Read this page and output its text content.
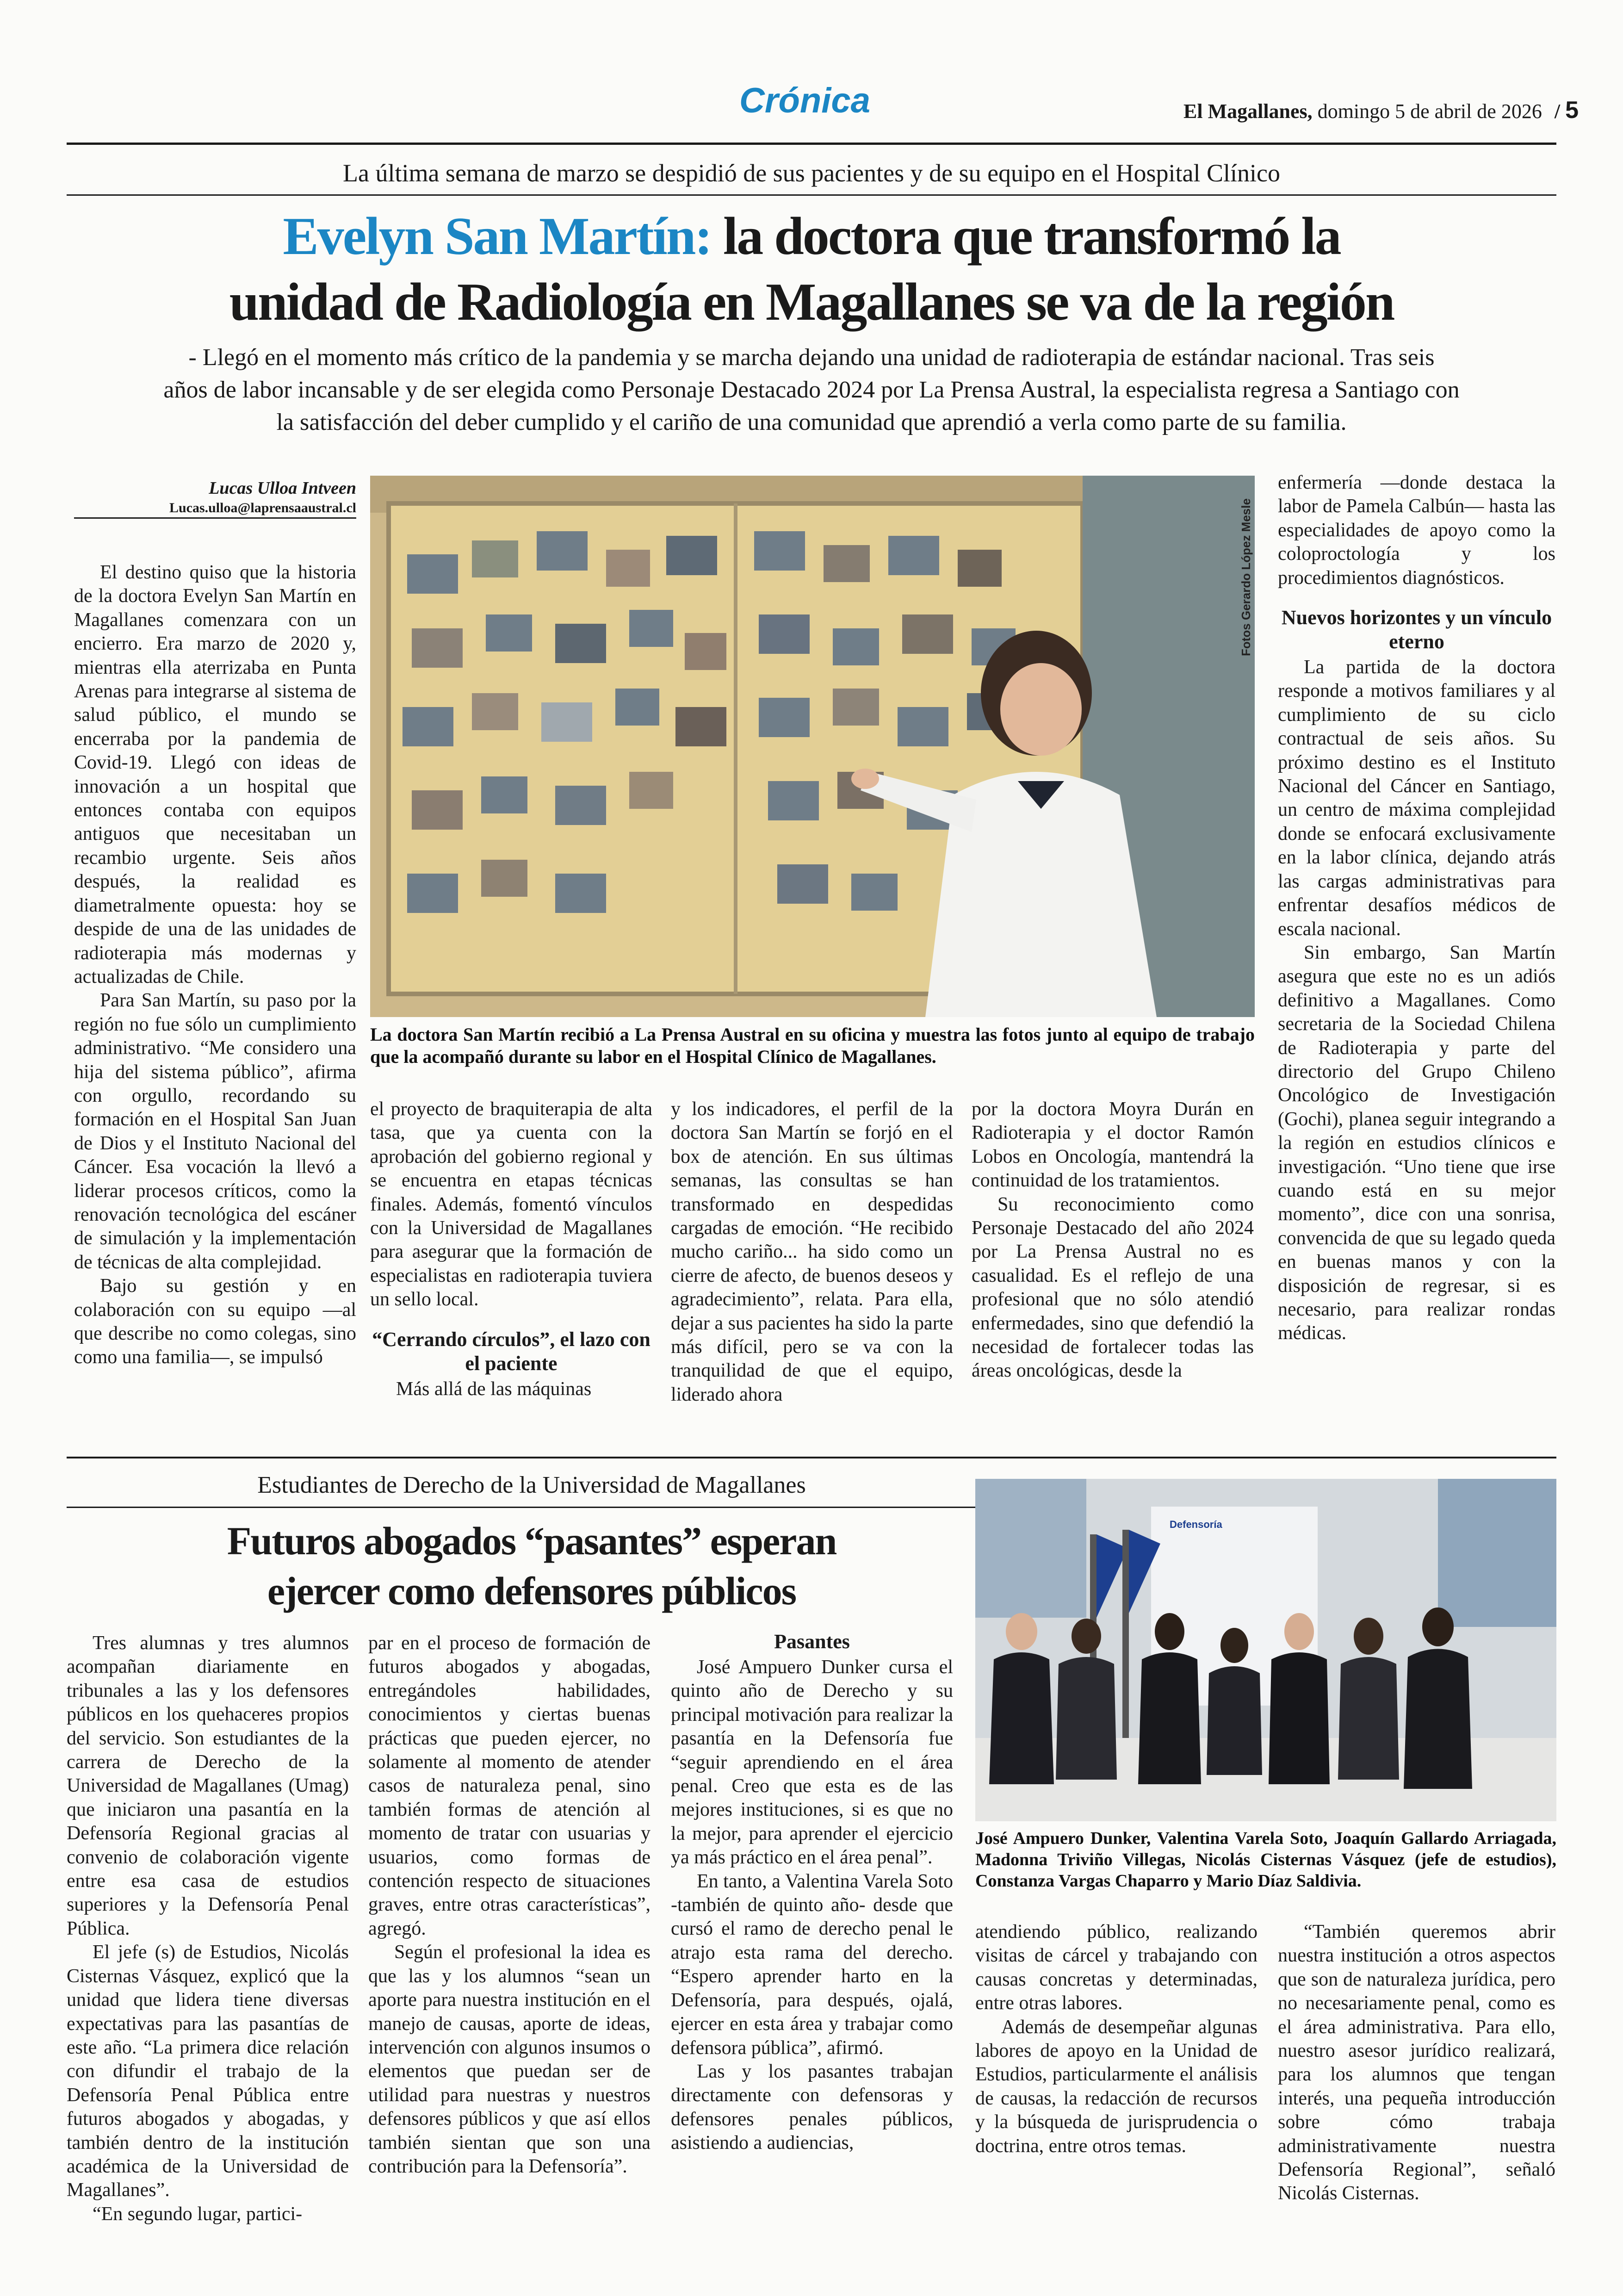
Crónica	El Magallanes, domingo 5 de abril de 2026 / 5
La última semana de marzo se despidió de sus pacientes y de su equipo en el Hospital Clínico
Evelyn San Martín: la doctora que transformó la
unidad de Radiología en Magallanes se va de la región
- Llegó en el momento más crítico de la pandemia y se marcha dejando una unidad de radioterapia de estándar nacional. Tras seis
años de labor incansable y de ser elegida como Personaje Destacado 2024 por La Prensa Austral, la especialista regresa a Santiago con
la satisfacción del deber cumplido y el cariño de una comunidad que aprendió a verla como parte de su familia.
Lucas Ulloa Intveen
Lucas.ulloa@laprensaaustral.cl	Fotos Gerardo López Mesle
La doctora San Martín recibió a La Prensa Austral en su oficina y muestra las fotos junto al equipo de trabajo que la acompañó durante su labor en el Hospital Clínico de Magallanes.

El destino quiso que la historia de la doctora Evelyn San Martín en Magallanes comenzara con un encierro. Era marzo de 2020 y, mientras ella aterrizaba en Punta Arenas para integrarse al sistema de salud público, el mundo se encerraba por la pandemia de Covid-19. Llegó con ideas de innovación a un hospital que entonces contaba con equipos antiguos que necesitaban un recambio urgente. Seis años después, la realidad es diametralmente opuesta: hoy se despide de una de las unidades de radioterapia más modernas y actualizadas de Chile.

Para San Martín, su paso por la región no fue sólo un cumplimiento administrativo. “Me considero una hija del sistema público”, afirma con orgullo, recordando su formación en el Hospital San Juan de Dios y el Instituto Nacional del Cáncer. Esa vocación la llevó a liderar procesos críticos, como la renovación tecnológica del escáner de simulación y la implementación de técnicas de alta complejidad.

Bajo su gestión y en colaboración con su equipo —al que describe no como colegas, sino como una familia—, se impulsó

el proyecto de braquiterapia de alta tasa, que ya cuenta con la aprobación del gobierno regional y se encuentra en etapas técnicas finales. Además, fomentó vínculos con la Universidad de Magallanes para asegurar que la formación de especialistas en radioterapia tuviera un sello local.

“Cerrando círculos”, el lazo con el paciente

Más allá de las máquinas

y los indicadores, el perfil de la doctora San Martín se forjó en el box de atención. En sus últimas semanas, las consultas se han transformado en despedidas cargadas de emoción. “He recibido mucho cariño... ha sido como un cierre de afecto, de buenos deseos y agradecimiento”, relata. Para ella, dejar a sus pacientes ha sido la parte más difícil, pero se va con la tranquilidad de que el equipo, liderado ahora

por la doctora Moyra Durán en Radioterapia y el doctor Ramón Lobos en Oncología, mantendrá la continuidad de los tratamientos.

Su reconocimiento como Personaje Destacado del año 2024 por La Prensa Austral no es casualidad. Es el reflejo de una profesional que no sólo atendió enfermedades, sino que defendió la necesidad de fortalecer todas las áreas oncológicas, desde la

enfermería —donde destaca la labor de Pamela Calbún— hasta las especialidades de apoyo como la coloproctología y los procedimientos diagnósticos.

Nuevos horizontes y un vínculo eterno

La partida de la doctora responde a motivos familiares y al cumplimiento de su ciclo contractual de seis años. Su próximo destino es el Instituto Nacional del Cáncer en Santiago, un centro de máxima complejidad donde se enfocará exclusivamente en la labor clínica, dejando atrás las cargas administrativas para enfrentar desafíos médicos de escala nacional.

Sin embargo, San Martín asegura que este no es un adiós definitivo a Magallanes. Como secretaria de la Sociedad Chilena de Radioterapia y parte del directorio del Grupo Chileno Oncológico de Investigación (Gochi), planea seguir integrando a la región en estudios clínicos e investigación. “Uno tiene que irse cuando está en su mejor momento”, dice con una sonrisa, convencida de que su legado queda en buenas manos y con la disposición de regresar, si es necesario, para realizar rondas médicas.

Estudiantes de Derecho de la Universidad de Magallanes
Futuros abogados “pasantes” esperan
ejercer como defensores públicos
Defensoría
José Ampuero Dunker, Valentina Varela Soto, Joaquín Gallardo Arriagada, Madonna Triviño Villegas, Nicolás Cisternas Vásquez (jefe de estudios), Constanza Vargas Chaparro y Mario Díaz Saldivia.

Tres alumnas y tres alumnos acompañan diariamente en tribunales a las y los defensores públicos en los quehaceres propios del servicio. Son estudiantes de la carrera de Derecho de la Universidad de Magallanes (Umag) que iniciaron una pasantía en la Defensoría Regional gracias al convenio de colaboración vigente entre esa casa de estudios superiores y la Defensoría Penal Pública.

El jefe (s) de Estudios, Nicolás Cisternas Vásquez, explicó que la unidad que lidera tiene diversas expectativas para las pasantías de este año. “La primera dice relación con difundir el trabajo de la Defensoría Penal Pública entre futuros abogados y abogadas, y también dentro de la institución académica de la Universidad de Magallanes”.

“En segundo lugar, partici-

par en el proceso de formación de futuros abogados y abogadas, entregándoles habilidades, conocimientos y ciertas buenas prácticas que pueden ejercer, no solamente al momento de atender casos de naturaleza penal, sino también formas de atención al momento de tratar con usuarias y usuarios, como formas de contención respecto de situaciones graves, entre otras características”, agregó.

Según el profesional la idea es que las y los alumnos “sean un aporte para nuestra institución en el manejo de causas, aporte de ideas, intervención con algunos insumos o elementos que puedan ser de utilidad para nuestras y nuestros defensores públicos y que así ellos también sientan que son una contribución para la Defensoría”.

Pasantes

José Ampuero Dunker cursa el quinto año de Derecho y su principal motivación para realizar la pasantía en la Defensoría fue “seguir aprendiendo en el área penal. Creo que esta es de las mejores instituciones, si es que no la mejor, para aprender el ejercicio ya más práctico en el área penal”.

En tanto, a Valentina Varela Soto -también de quinto año- desde que cursó el ramo de derecho penal le atrajo esta rama del derecho. “Espero aprender harto en la Defensoría, para después, ojalá, ejercer en esta área y trabajar como defensora pública”, afirmó.

Las y los pasantes trabajan directamente con defensoras y defensores penales públicos, asistiendo a audiencias,

atendiendo público, realizando visitas de cárcel y trabajando con causas concretas y determinadas, entre otras labores.

Además de desempeñar algunas labores de apoyo en la Unidad de Estudios, particularmente el análisis de causas, la redacción de recursos y la búsqueda de jurisprudencia o doctrina, entre otros temas.

“También queremos abrir nuestra institución a otros aspectos que son de naturaleza jurídica, pero no necesariamente penal, como es el área administrativa. Para ello, nuestro asesor jurídico realizará, para los alumnos que tengan interés, una pequeña introducción sobre cómo trabaja administrativamente nuestra Defensoría Regional”, señaló Nicolás Cisternas.
